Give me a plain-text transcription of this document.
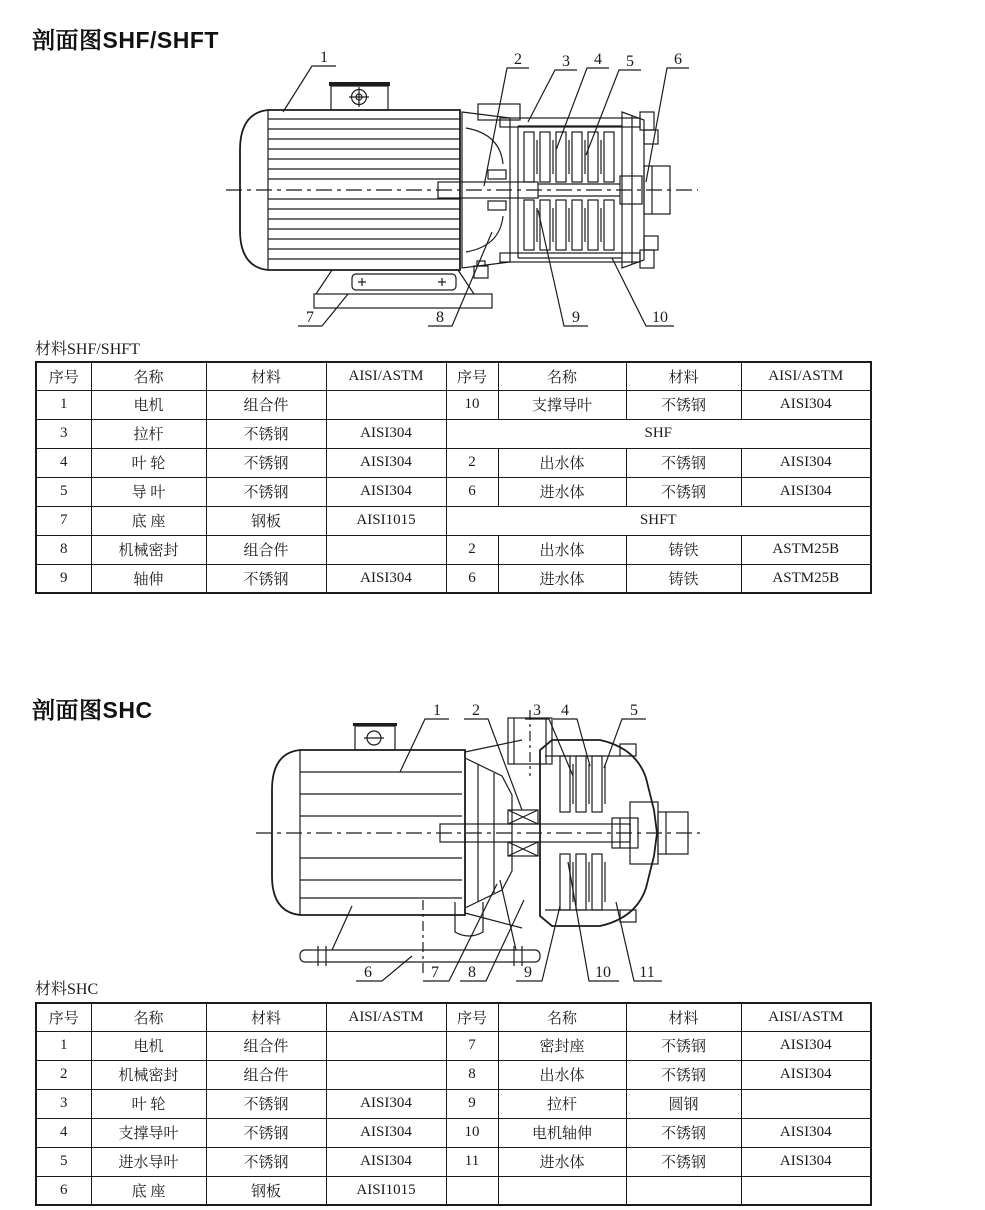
剖面图SHF/SHFT
1	2	3 4 5	6
7	8	9	10
材料SHF/SHFT
序号	名称	材料	AISI/ASTM	序号	名称	材料	AISI/ASTM
1	电机	组合件		10	支撑导叶	不锈钢	AISI304
3	拉杆	不锈钢	AISI304	SHF			
4	叶 轮	不锈钢	AISI304	2	出水体	不锈钢	AISI304
5	导 叶	不锈钢	AISI304	6	进水体	不锈钢	AISI304
7	底 座	钢板	AISI1015	SHFT			
8	机械密封	组合件		2	出水体	铸铁	ASTM25B
9	轴伸	不锈钢	AISI304	6	进水体	铸铁	ASTM25B
剖面图SHC	1 2	3 4	5
6	7 8	9	10 11
材料SHC
序号	名称	材料	AISI/ASTM	序号	名称	材料	AISI/ASTM
1	电机	组合件		7	密封座	不锈钢	AISI304
2	机械密封	组合件		8	出水体	不锈钢	AISI304
3	叶 轮	不锈钢	AISI304	9	拉杆	圆钢	
4	支撑导叶	不锈钢	AISI304	10	电机轴伸	不锈钢	AISI304
5	进水导叶	不锈钢	AISI304	11	进水体	不锈钢	AISI304
6	底 座	钢板	AISI1015				
